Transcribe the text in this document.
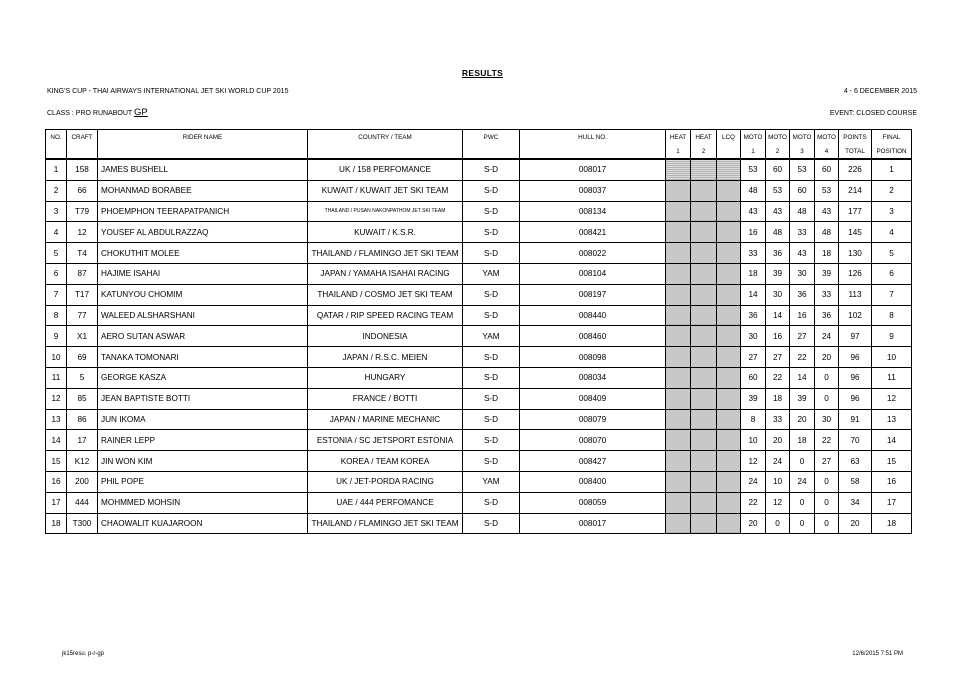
RESULTS
KING'S CUP - THAI AIRWAYS INTERNATIONAL JET SKI WORLD CUP 2015	4 - 6 DECEMBER 2015
CLASS : PRO RUNABOUT GP	EVENT: CLOSED COURSE
NO.	CRAFT	RIDER NAME	COUNTRY / TEAM	PWC	HULL NO.	HEAT	HEAT	LCQ	MOTO	MOTO	MOTO	MOTO	POINTS	FINAL
						1	2		1	2	3	4	TOTAL	POSITION
1	158	JAMES BUSHELL	UK / 158 PERFOMANCE	S-D	008017				53	60	53	60	226	1
2	66	MOHANMAD BORABEE	KUWAIT / KUWAIT JET SKI TEAM	S-D	008037				48	53	60	53	214	2
3	T79	PHOEMPHON TEERAPATPANICH	THAILAND / PUSAN NAKONPATHOM JET SKI TEAM	S-D	008134				43	43	48	43	177	3
4	12	YOUSEF AL ABDULRAZZAQ	KUWAIT / K.S.R.	S-D	008421				16	48	33	48	145	4
5	T4	CHOKUTHIT MOLEE	THAILAND / FLAMINGO JET SKI TEAM	S-D	008022				33	36	43	18	130	5
6	87	HAJIME ISAHAI	JAPAN / YAMAHA ISAHAI RACING	YAM	008104				18	39	30	39	126	6
7	T17	KATUNYOU CHOMIM	THAILAND / COSMO JET SKI TEAM	S-D	008197				14	30	36	33	113	7
8	77	WALEED ALSHARSHANI	QATAR / RIP SPEED RACING TEAM	S-D	008440				36	14	16	36	102	8
9	X1	AERO SUTAN ASWAR	INDONESIA	YAM	008460				30	16	27	24	97	9
10	69	TANAKA TOMONARI	JAPAN / R.S.C. MEIEN	S-D	008098				27	27	22	20	96	10
11	5	GEORGE KASZA	HUNGARY	S-D	008034				60	22	14	0	96	11
12	85	JEAN BAPTISTE BOTTI	FRANCE / BOTTI	S-D	008409				39	18	39	0	96	12
13	86	JUN IKOMA	JAPAN / MARINE MECHANIC	S-D	008079				8	33	20	30	91	13
14	17	RAINER LEPP	ESTONIA / SC JETSPORT ESTONIA	S-D	008070				10	20	18	22	70	14
15	K12	JIN WON KIM	KOREA / TEAM KOREA	S-D	008427				12	24	0	27	63	15
16	200	PHIL POPE	UK / JET-PORDA RACING	YAM	008400				24	10	24	0	58	16
17	444	MOHMMED MOHSIN	UAE / 444 PERFOMANCE	S-D	008059				22	12	0	0	34	17
18	T300	CHAOWALIT KUAJAROON	THAILAND / FLAMINGO JET SKI TEAM	S-D	008017				20	0	0	0	20	18
jk15resu. p-r-gp	12/6/2015 7:51 PM
